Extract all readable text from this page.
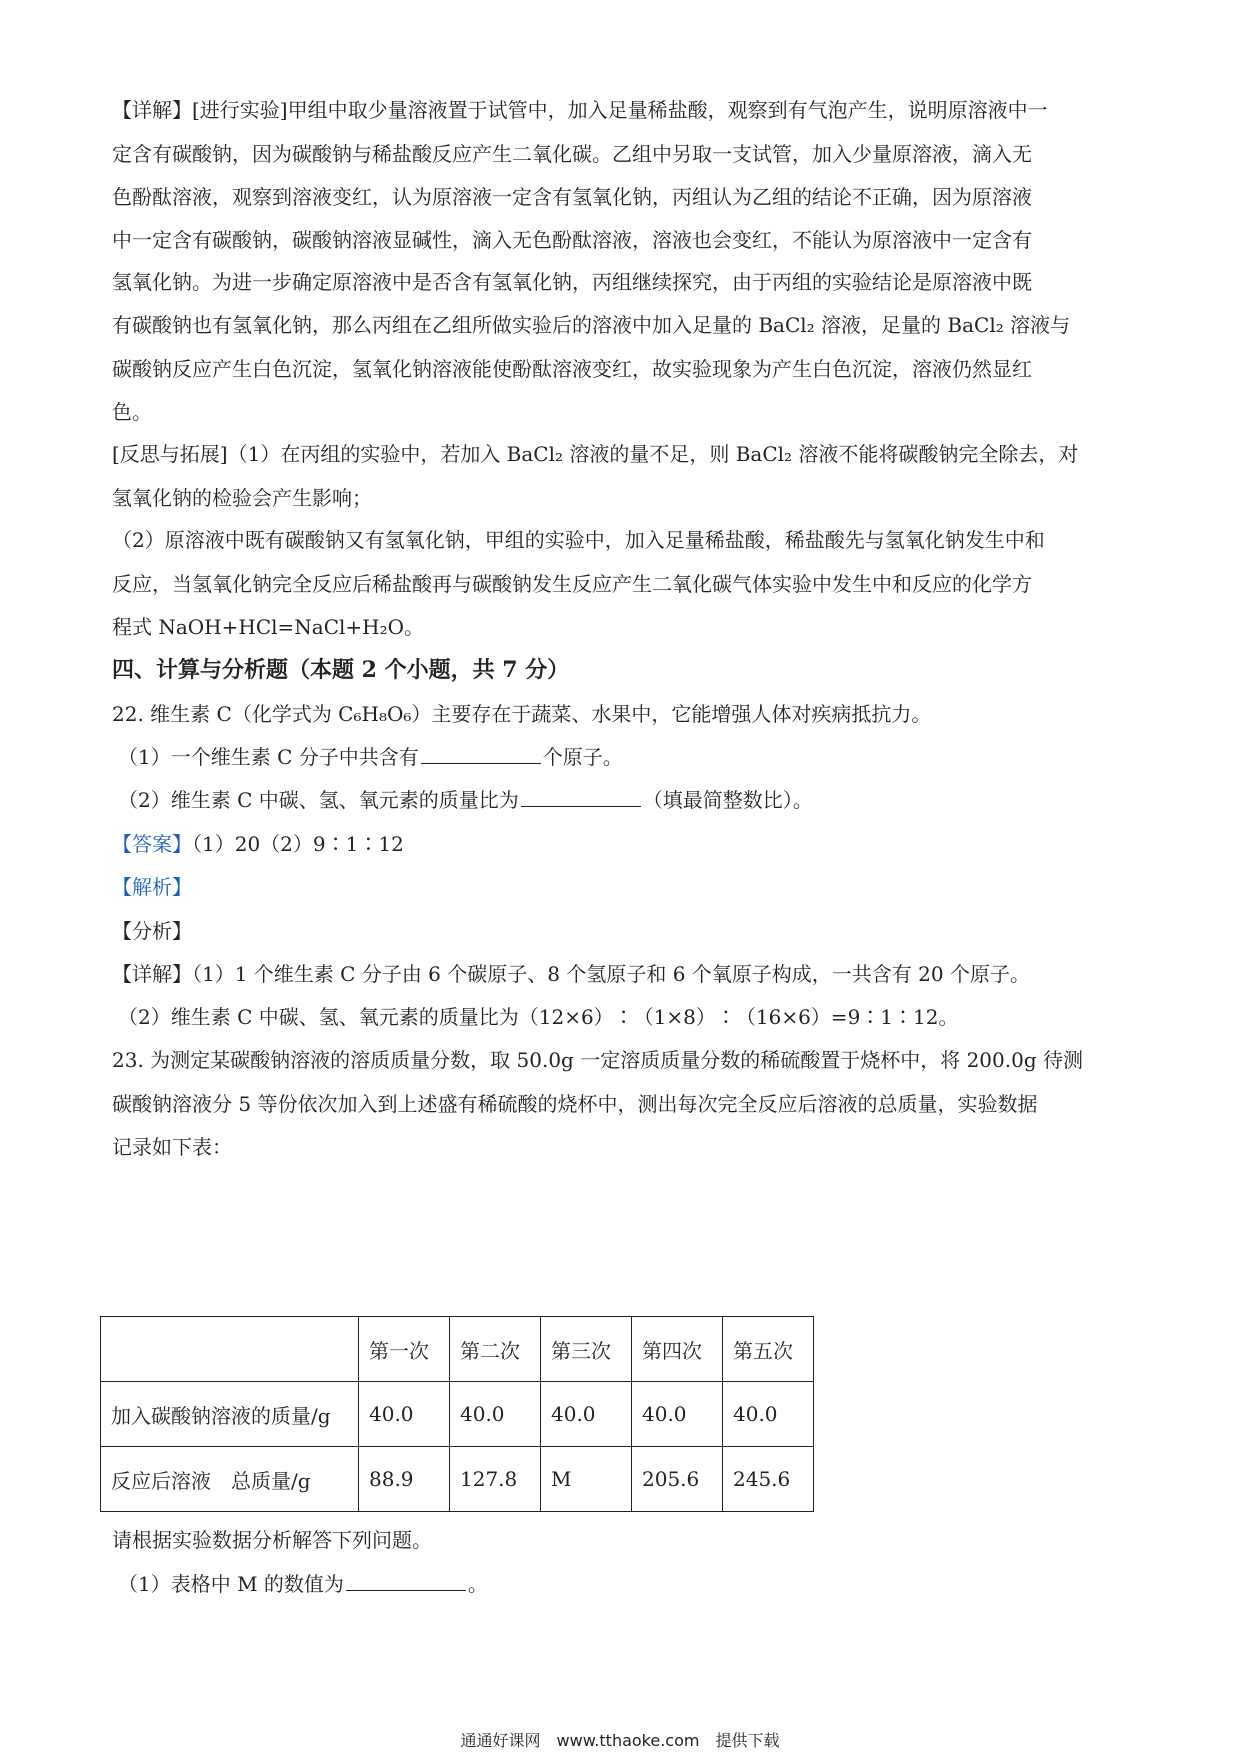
【详解】[进行实验]甲组中取少量溶液置于试管中，加入足量稀盐酸，观察到有气泡产生，说明原溶液中一
定含有碳酸钠，因为碳酸钠与稀盐酸反应产生二氧化碳。乙组中另取一支试管，加入少量原溶液，滴入无
色酚酞溶液，观察到溶液变红，认为原溶液一定含有氢氧化钠，丙组认为乙组的结论不正确，因为原溶液
中一定含有碳酸钠，碳酸钠溶液显碱性，滴入无色酚酞溶液，溶液也会变红，不能认为原溶液中一定含有
氢氧化钠。为进一步确定原溶液中是否含有氢氧化钠，丙组继续探究，由于丙组的实验结论是原溶液中既
有碳酸钠也有氢氧化钠，那么丙组在乙组所做实验后的溶液中加入足量的 BaCl₂ 溶液，足量的 BaCl₂ 溶液与
碳酸钠反应产生白色沉淀，氢氧化钠溶液能使酚酞溶液变红，故实验现象为产生白色沉淀，溶液仍然显红
色。
[反思与拓展]（1）在丙组的实验中，若加入 BaCl₂ 溶液的量不足，则 BaCl₂ 溶液不能将碳酸钠完全除去，对
氢氧化钠的检验会产生影响；
（2）原溶液中既有碳酸钠又有氢氧化钠，甲组的实验中，加入足量稀盐酸，稀盐酸先与氢氧化钠发生中和
反应，当氢氧化钠完全反应后稀盐酸再与碳酸钠发生反应产生二氧化碳气体实验中发生中和反应的化学方
程式 NaOH+HCl=NaCl+H₂O。
四、计算与分析题（本题 2 个小题，共 7 分）
22. 维生素 C（化学式为 C₆H₈O₆）主要存在于蔬菜、水果中，它能增强人体对疾病抵抗力。
（1）一个维生素 C 分子中共含有	个原子。
（2）维生素 C 中碳、氢、氧元素的质量比为	（填最简整数比）。
【答案】（1）20（2）9∶1∶12
【解析】
【分析】
【详解】（1）1 个维生素 C 分子由 6 个碳原子、8 个氢原子和 6 个氧原子构成，一共含有 20 个原子。
（2）维生素 C 中碳、氢、氧元素的质量比为（12×6）∶（1×8）∶（16×6）=9∶1∶12。
23. 为测定某碳酸钠溶液的溶质质量分数，取 50.0g 一定溶质质量分数的稀硫酸置于烧杯中，将 200.0g 待测
碳酸钠溶液分 5 等份依次加入到上述盛有稀硫酸的烧杯中，测出每次完全反应后溶液的总质量，实验数据
记录如下表：
	第一次	第二次	第三次	第四次	第五次
加入碳酸钠溶液的质量/g	40.0	40.0	40.0	40.0	40.0
反应后溶液　总质量/g	88.9	127.8	M	205.6	245.6
请根据实验数据分析解答下列问题。
（1）表格中 M 的数值为	。
通通好课网　www.tthaoke.com　提供下载
